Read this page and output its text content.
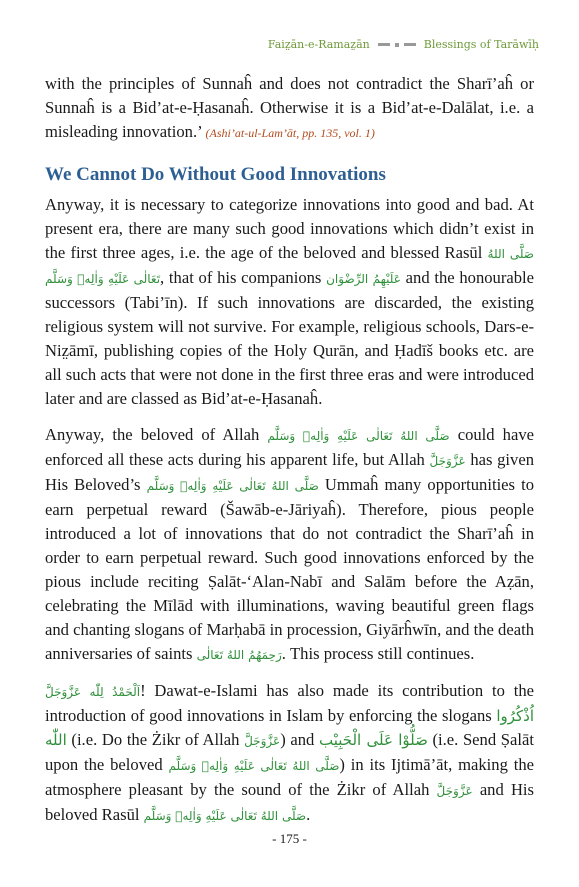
Faiz̤ān-e-Ramaz̤ān	Blessings of Tarāwīḥ

with the principles of Sunnaĥ and does not contradict the Sharī’aĥ or Sunnaĥ is a Bid’at-e-Ḥasanaĥ. Otherwise it is a Bid’at-e-Dalālat, i.e. a misleading innovation.’ (Ashi’at-ul-Lam’āt, pp. 135, vol. 1)

We Cannot Do Without Good Innovations

Anyway, it is necessary to categorize innovations into good and bad. At present era, there are many such good innovations which didn’t exist in the first three ages, i.e. the age of the beloved and blessed Rasūl صَلَّى اللهُ تَعَالٰى عَلَيْهِ وَاٰلِهٖ وَسَلَّم, that of his companions عَلَيْهِمُ الرِّضْوَان and the honourable successors (Tabi’īn). If such innovations are discarded, the existing religious system will not survive. For example, religious schools, Dars-e-Niz̤āmī, publishing copies of the Holy Qurān, and Ḥadīš books etc. are all such acts that were not done in the first three eras and were introduced later and are classed as Bid’at-e-Ḥasanaĥ.

Anyway, the beloved of Allah صَلَّى اللهُ تَعَالٰى عَلَيْهِ وَاٰلِهٖ وَسَلَّم could have enforced all these acts during his apparent life, but Allah عَزَّوَجَلَّ has given His Beloved’s صَلَّى اللهُ تَعَالٰى عَلَيْهِ وَاٰلِهٖ وَسَلَّم Ummaĥ many opportunities to earn perpetual reward (Šawāb-e-Jāriyaĥ). Therefore, pious people introduced a lot of innovations that do not contradict the Sharī’aĥ in order to earn perpetual reward. Such good innovations enforced by the pious include reciting Ṣalāt-‘Alan-Nabī and Salām before the Aẓān, celebrating the Mīlād with illuminations, waving beautiful green flags and chanting slogans of Marḥabā in procession, Giyārĥwīn, and the death anniversaries of saints رَحِمَهُمُ اللهُ تَعَالٰى. This process still continues.

اَلْحَمْدُ لِلّٰه عَزَّوَجَلَّ! Dawat-e-Islami has also made its contribution to the introduction of good innovations in Islam by enforcing the slogans اُذْكُرُوا اللّٰه (i.e. Do the Żikr of Allah عَزَّوَجَلَّ) and صَلُّوْا عَلَى الْحَبِيْب (i.e. Send Ṣalāt upon the beloved صَلَّى اللهُ تَعَالٰى عَلَيْهِ وَاٰلِهٖ وَسَلَّم) in its Ijtimā’āt, making the atmosphere pleasant by the sound of the Żikr of Allah عَزَّوَجَلَّ and His beloved Rasūl صَلَّى اللهُ تَعَالٰى عَلَيْهِ وَاٰلِهٖ وَسَلَّم.

- 175 -
